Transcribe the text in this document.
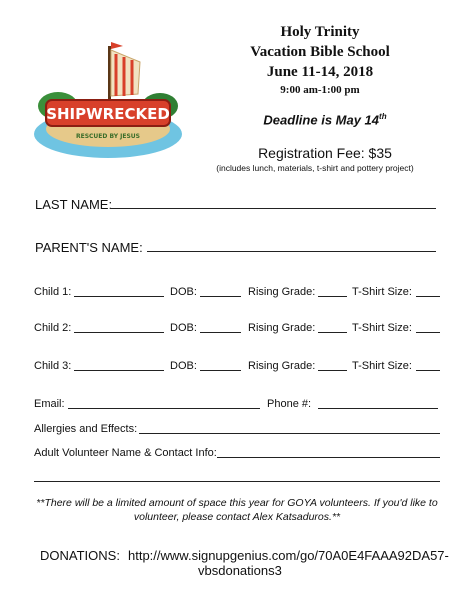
SHIPWRECKED
RESCUED BY JESUS
Holy Trinity
Vacation Bible School
June 11-14, 2018
9:00 am-1:00 pm
Deadline is May 14th
Registration Fee: $35
(includes lunch, materials, t-shirt and pottery project)
LAST NAME:
PARENT'S NAME:
Child 1:	DOB:	Rising Grade:	T-Shirt Size:
Child 2:	DOB:	Rising Grade:	T-Shirt Size:
Child 3:	DOB:	Rising Grade:	T-Shirt Size:
Email:	Phone #:
Allergies and Effects:
Adult Volunteer Name & Contact Info:
**There will be a limited amount of space this year for GOYA volunteers. If you'd like to volunteer, please contact Alex Katsaduros.**
DONATIONS: http://www.signupgenius.com/go/70A0E4FAAA92DA57-
vbsdonations3
